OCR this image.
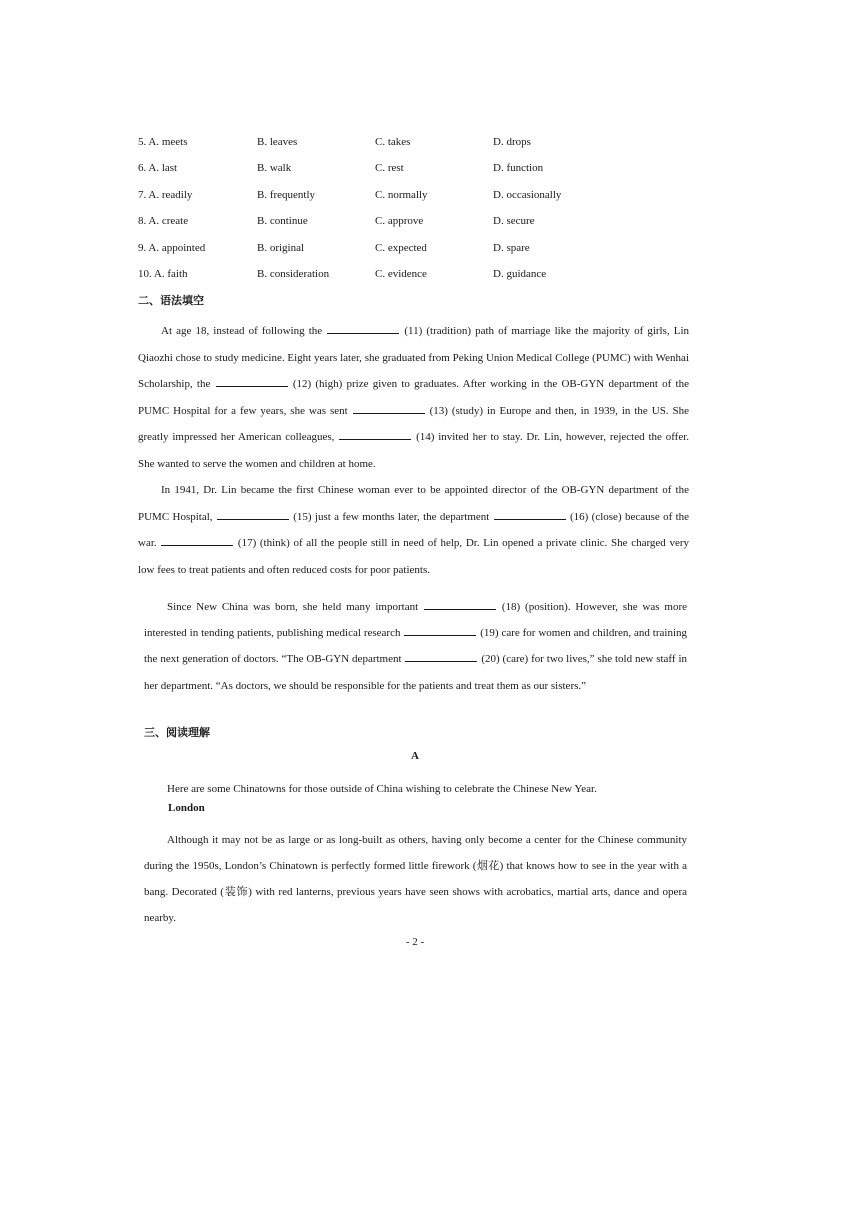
5. A. meets	B. leaves	C. takes	D. drops
6. A. last	B. walk	C. rest	D. function
7. A. readily	B. frequently	C. normally	D. occasionally
8. A. create	B. continue	C. approve	D. secure
9. A. appointed	B. original	C. expected	D. spare
10. A. faith	B. consideration	C. evidence	D. guidance
二、语法填空
At age 18, instead of following the	(11) (tradition) path of marriage like the majority of girls, Lin Qiaozhi chose to study medicine. Eight years later, she graduated from Peking Union Medical College (PUMC) with Wenhai Scholarship, the	(12) (high) prize given to graduates. After working in the OB-GYN department of the PUMC Hospital for a few years, she was sent	(13) (study) in Europe and then, in 1939, in the US. She greatly impressed her American colleagues,	(14) invited her to stay. Dr. Lin, however, rejected the offer. She wanted to serve the women and children at home.
In 1941, Dr. Lin became the first Chinese woman ever to be appointed director of the OB-GYN department of the PUMC Hospital,	(15) just a few months later, the department	(16) (close) because of the war.	(17) (think) of all the people still in need of help, Dr. Lin opened a private clinic. She charged very low fees to treat patients and often reduced costs for poor patients.
Since New China was born, she held many important	(18) (position). However, she was more interested in tending patients, publishing medical research	(19) care for women and children, and training the next generation of doctors. “The OB-GYN department	(20) (care) for two lives,” she told new staff in her department. “As doctors, we should be responsible for the patients and treat them as our sisters.”
三、阅读理解
A
Here are some Chinatowns for those outside of China wishing to celebrate the Chinese New Year.
London
Although it may not be as large or as long-built as others, having only become a center for the Chinese community during the 1950s, London’s Chinatown is perfectly formed little firework (烟花) that knows how to see in the year with a bang. Decorated (装饰) with red lanterns, previous years have seen shows with acrobatics, martial arts, dance and opera nearby.
- 2 -
